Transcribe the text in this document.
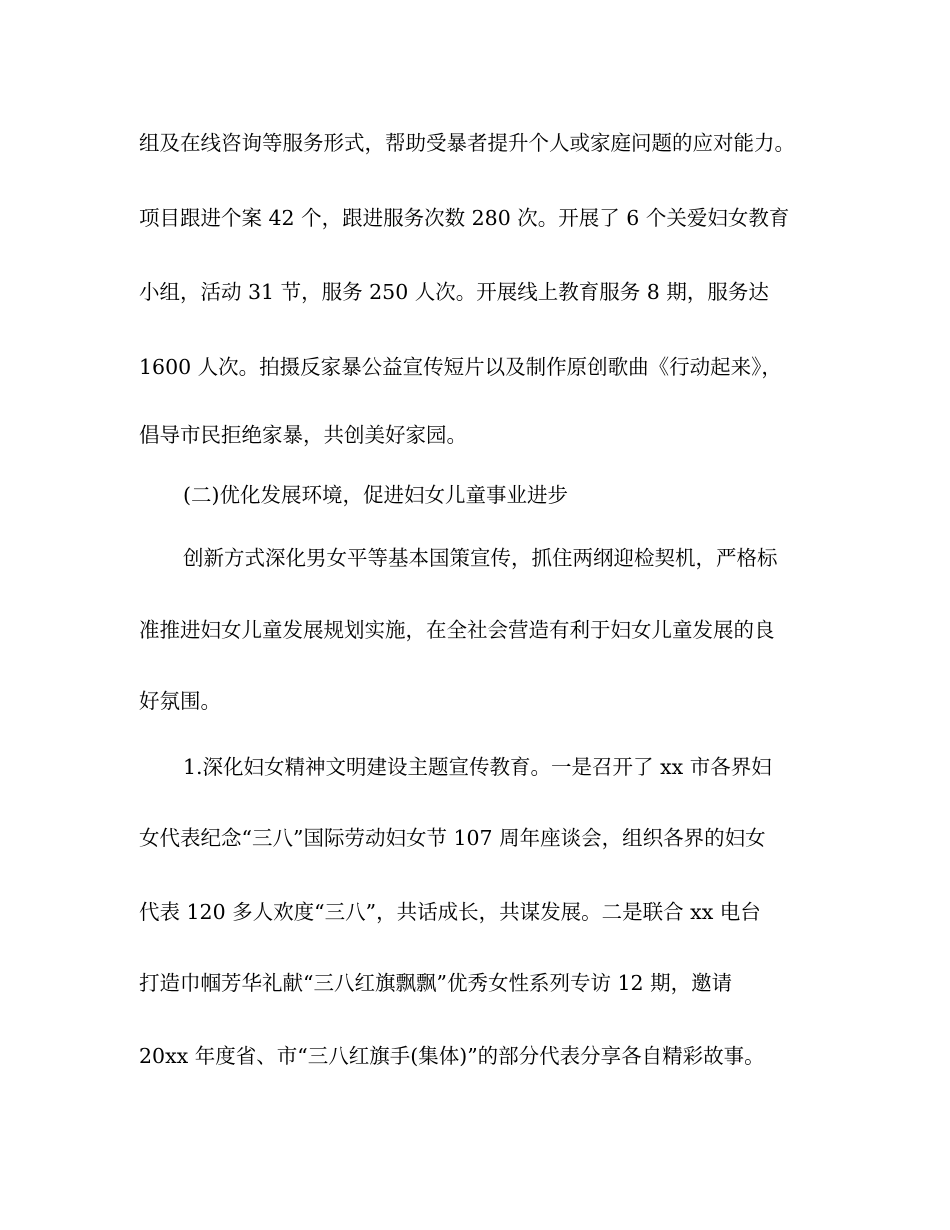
组及在线咨询等服务形式，帮助受暴者提升个人或家庭问题的应对能力。
项目跟进个案 42 个，跟进服务次数 280 次。开展了 6 个关爱妇女教育
小组，活动 31 节，服务 250 人次。开展线上教育服务 8 期，服务达
1600 人次。拍摄反家暴公益宣传短片以及制作原创歌曲《行动起来》，
倡导市民拒绝家暴，共创美好家园。
(二)优化发展环境，促进妇女儿童事业进步
创新方式深化男女平等基本国策宣传，抓住两纲迎检契机，严格标
准推进妇女儿童发展规划实施，在全社会营造有利于妇女儿童发展的良
好氛围。
1.深化妇女精神文明建设主题宣传教育。一是召开了 xx 市各界妇
女代表纪念“三八”国际劳动妇女节 107 周年座谈会，组织各界的妇女
代表 120 多人欢度“三八”，共话成长，共谋发展。二是联合 xx 电台
打造巾帼芳华礼献“三八红旗飘飘”优秀女性系列专访 12 期，邀请
20xx 年度省、市“三八红旗手(集体)”的部分代表分享各自精彩故事。
